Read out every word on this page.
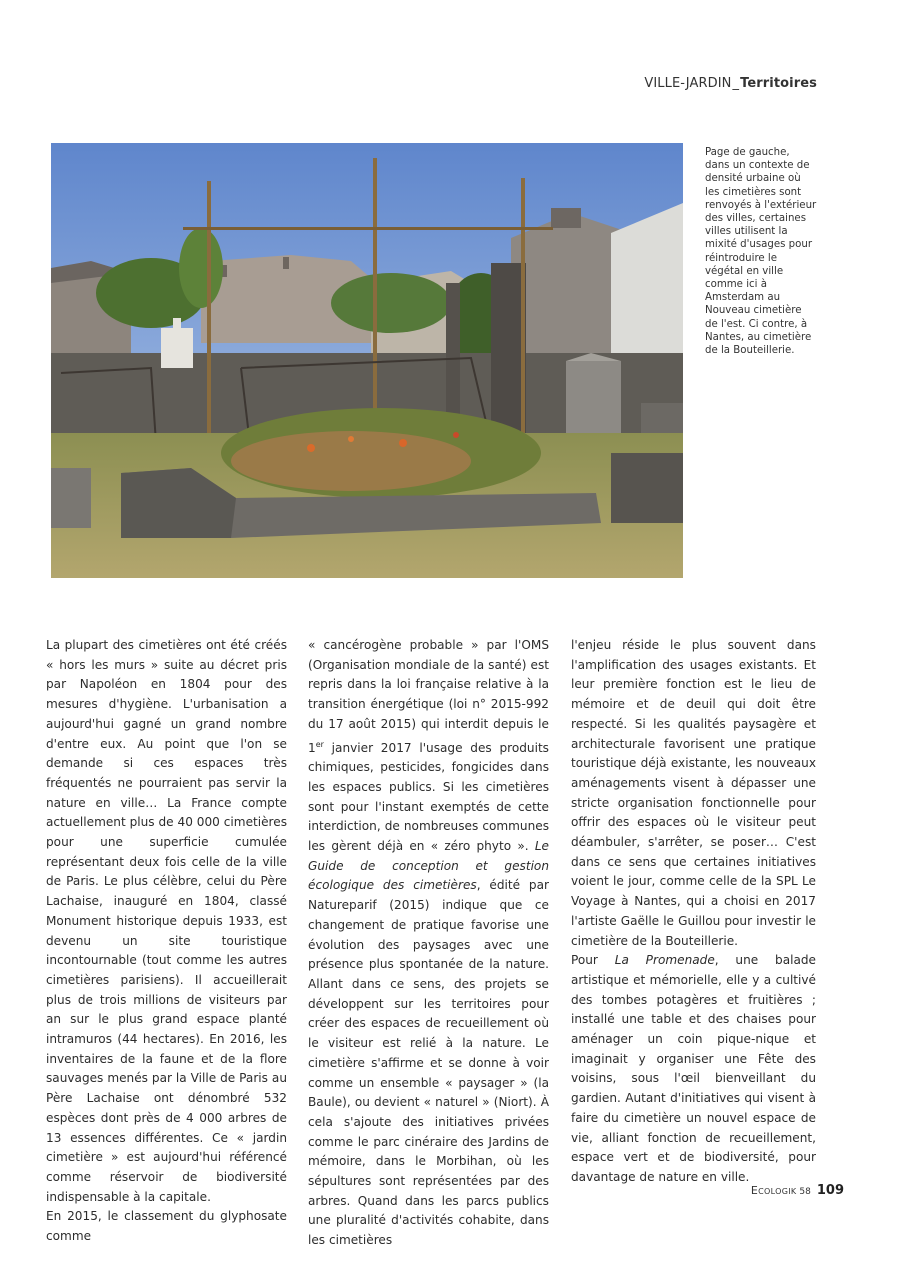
VILLE-JARDIN_Territoires
Page de gauche, dans un contexte de densité urbaine où les cimetières sont renvoyés à l'extérieur des villes, certaines villes utilisent la mixité d'usages pour réintroduire le végétal en ville comme ici à Amsterdam au Nouveau cimetière de l'est. Ci contre, à Nantes, au cimetière de la Bouteillerie.

La plupart des cimetières ont été créés « hors les murs » suite au décret pris par Napoléon en 1804 pour des mesures d'hygiène. L'urbanisation a aujourd'hui gagné un grand nombre d'entre eux. Au point que l'on se demande si ces espaces très fréquentés ne pourraient pas servir la nature en ville… La France compte actuellement plus de 40 000 cimetières pour une superficie cumulée représentant deux fois celle de la ville de Paris. Le plus célèbre, celui du Père Lachaise, inauguré en 1804, classé Monument historique depuis 1933, est devenu un site touristique incontournable (tout comme les autres cimetières parisiens). Il accueillerait plus de trois millions de visiteurs par an sur le plus grand espace planté intramuros (44 hectares). En 2016, les inventaires de la faune et de la flore sauvages menés par la Ville de Paris au Père Lachaise ont dénombré 532 espèces dont près de 4 000 arbres de 13 essences différentes. Ce « jardin cimetière » est aujourd'hui référencé comme réservoir de biodiversité indispensable à la capitale.

En 2015, le classement du glyphosate comme

« cancérogène probable » par l'OMS (Organisation mondiale de la santé) est repris dans la loi française relative à la transition énergétique (loi n° 2015-992 du 17 août 2015) qui interdit depuis le 1er janvier 2017 l'usage des produits chimiques, pesticides, fongicides dans les espaces publics. Si les cimetières sont pour l'instant exemptés de cette interdiction, de nombreuses communes les gèrent déjà en « zéro phyto ». Le Guide de conception et gestion écologique des cimetières, édité par Natureparif (2015) indique que ce changement de pratique favorise une évolution des paysages avec une présence plus spontanée de la nature. Allant dans ce sens, des projets se développent sur les territoires pour créer des espaces de recueillement où le visiteur est relié à la nature. Le cimetière s'affirme et se donne à voir comme un ensemble « paysager » (la Baule), ou devient « naturel » (Niort). À cela s'ajoute des initiatives privées comme le parc cinéraire des Jardins de mémoire, dans le Morbihan, où les sépultures sont représentées par des arbres. Quand dans les parcs publics une pluralité d'activités cohabite, dans les cimetières

l'enjeu réside le plus souvent dans l'amplification des usages existants. Et leur première fonction est le lieu de mémoire et de deuil qui doit être respecté. Si les qualités paysagère et architecturale favorisent une pratique touristique déjà existante, les nouveaux aménagements visent à dépasser une stricte organisation fonctionnelle pour offrir des espaces où le visiteur peut déambuler, s'arrêter, se poser… C'est dans ce sens que certaines initiatives voient le jour, comme celle de la SPL Le Voyage à Nantes, qui a choisi en 2017 l'artiste Gaëlle le Guillou pour investir le cimetière de la Bouteillerie.

Pour La Promenade, une balade artistique et mémorielle, elle y a cultivé des tombes potagères et fruitières ; installé une table et des chaises pour aménager un coin pique-nique et imaginait y organiser une Fête des voisins, sous l'œil bienveillant du gardien. Autant d'initiatives qui visent à faire du cimetière un nouvel espace de vie, alliant fonction de recueillement, espace vert et de biodiversité, pour davantage de nature en ville.

Ecologik 58 109
